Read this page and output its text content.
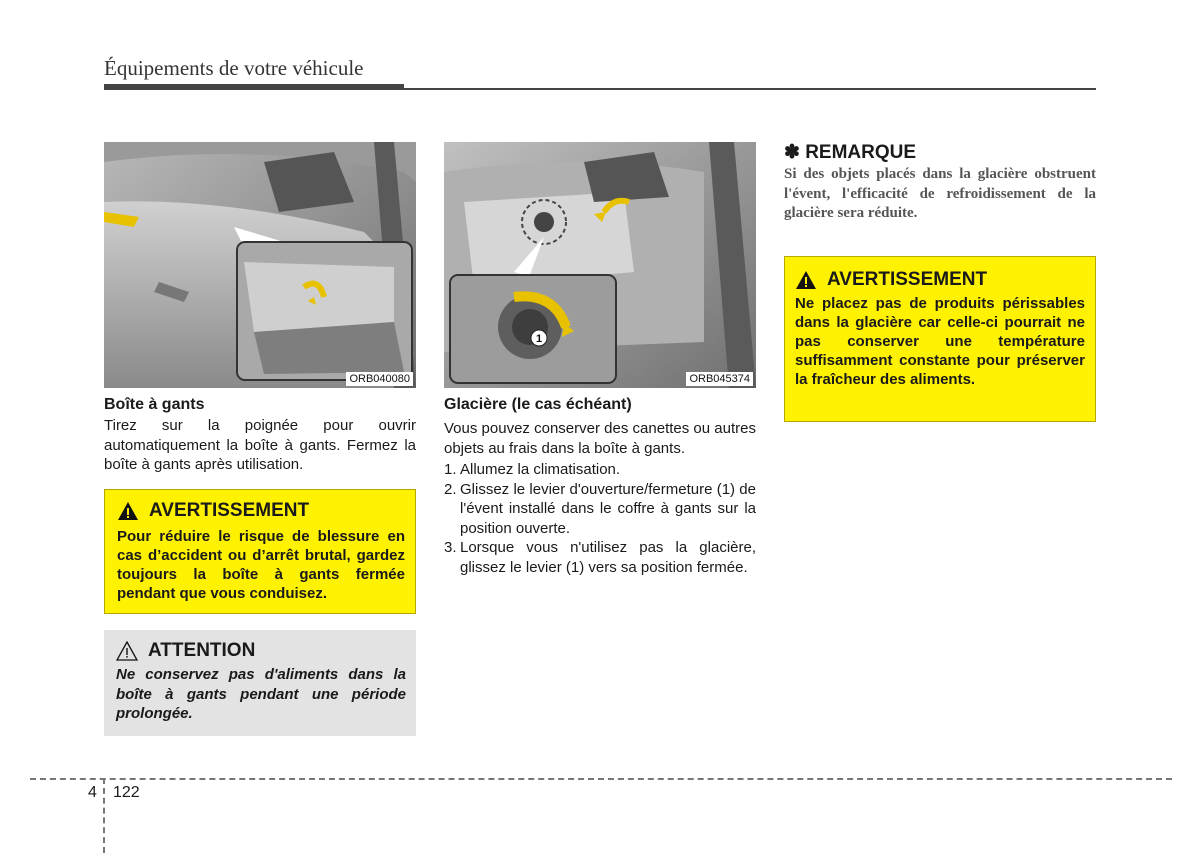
Équipements de votre véhicule
ORB040080
1
ORB045374
Boîte à gants

Tirez sur la poignée pour ouvrir automatiquement la boîte à gants. Fermez la boîte à gants après utilisation.

AVERTISSEMENT
Pour réduire le risque de blessure en cas d’accident ou d’arrêt brutal, gardez toujours la boîte à gants fermée pendant que vous conduisez.
ATTENTION
Ne conservez pas d'aliments dans la boîte à gants pendant une période prolongée.
Glacière (le cas échéant)

Vous pouvez conserver des canettes ou autres objets au frais dans la boîte à gants.

1. Allumez la climatisation.
2. Glissez le levier d'ouverture/fermeture (1) de l'évent installé dans le coffre à gants sur la position ouverte.
3. Lorsque vous n'utilisez pas la glacière, glissez le levier (1) vers sa position fermée.
✽ REMARQUE
Si des objets placés dans la glacière obstruent l'évent, l'efficacité de refroidissement de la glacière sera réduite.
AVERTISSEMENT
Ne placez pas de produits périssables dans la glacière car celle-ci pourrait ne pas conserver une température suffisamment constante pour préserver la fraîcheur des aliments.
4 122
